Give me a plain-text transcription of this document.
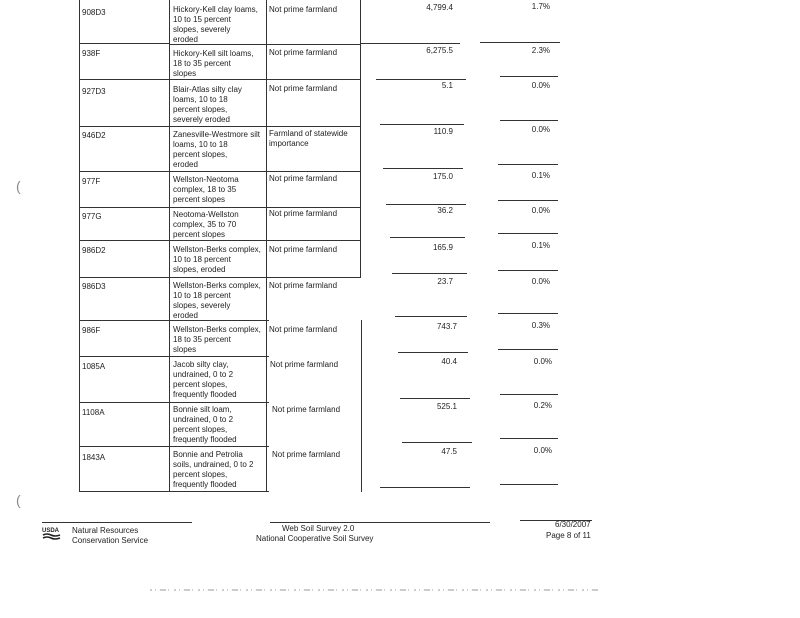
908D3	Hickory-Kell clay loams,
10 to 15 percent
slopes, severely
eroded
Not prime farmland	4,799.4	1.7%
938F	Hickory-Kell silt loams,
18 to 35 percent
slopes
Not prime farmland	6,275.5	2.3%
927D3	Blair-Atlas silty clay
loams, 10 to 18
percent slopes,
severely eroded
Not prime farmland	5.1	0.0%
946D2	Zanesville-Westmore silt
loams, 10 to 18
percent slopes,
eroded
Farmland of statewide
importance
110.9	0.0%
977F	Wellston-Neotoma
complex, 18 to 35
percent slopes
Not prime farmland	175.0	0.1%
977G	Neotoma-Wellston
complex, 35 to 70
percent slopes
Not prime farmland	36.2	0.0%
986D2	Wellston-Berks complex,
10 to 18 percent
slopes, eroded
Not prime farmland	165.9	0.1%
986D3	Wellston-Berks complex,
10 to 18 percent
slopes, severely
eroded
Not prime farmland	23.7	0.0%
986F	Wellston-Berks complex,
18 to 35 percent
slopes
Not prime farmland	743.7	0.3%
1085A	Jacob silty clay,
undrained, 0 to 2
percent slopes,
frequently flooded
Not prime farmland	40.4	0.0%
1108A	Bonnie silt loam,
undrained, 0 to 2
percent slopes,
frequently flooded
Not prime farmland	525.1	0.2%
1843A	Bonnie and Petrolia
soils, undrained, 0 to 2
percent slopes,
frequently flooded
Not prime farmland	47.5	0.0%
(
(
USDA Natural Resources
Conservation Service
Web Soil Survey 2.0
National Cooperative Soil Survey
6/30/2007
Page 8 of 11
